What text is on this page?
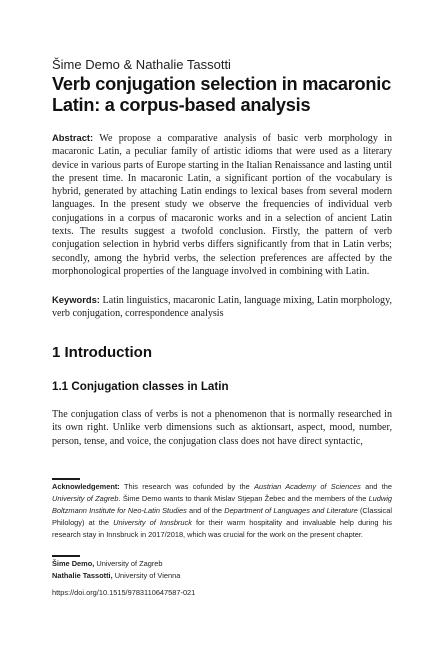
Šime Demo & Nathalie Tassotti
Verb conjugation selection in macaronic Latin: a corpus-based analysis

Abstract: We propose a comparative analysis of basic verb morphology in macaronic Latin, a peculiar family of artistic idioms that were used as a literary device in various parts of Europe starting in the Italian Renaissance and lasting until the present time. In macaronic Latin, a significant portion of the vocabulary is hybrid, generated by attaching Latin endings to lexical bases from several modern languages. In the present study we observe the frequencies of individual verb conjugations in a corpus of macaronic works and in a selection of ancient Latin texts. The results suggest a twofold conclusion. Firstly, the pattern of verb conjugation selection in hybrid verbs differs significantly from that in Latin verbs; secondly, among the hybrid verbs, the selection preferences are affected by the morphonological properties of the language involved in combining with Latin.

Keywords: Latin linguistics, macaronic Latin, language mixing, Latin morphology, verb conjugation, correspondence analysis

1 Introduction
1.1 Conjugation classes in Latin

The conjugation class of verbs is not a phenomenon that is normally researched in its own right. Unlike verb dimensions such as aktionsart, aspect, mood, number, person, tense, and voice, the conjugation class does not have direct syntactic,

Acknowledgement: This research was cofunded by the Austrian Academy of Sciences and the University of Zagreb. Šime Demo wants to thank Mislav Stjepan Žebec and the members of the Ludwig Boltzmann Institute for Neo-Latin Studies and of the Department of Languages and Literature (Classical Philology) at the University of Innsbruck for their warm hospitality and invaluable help during his research stay in Innsbruck in 2017/2018, which was crucial for the work on the present chapter.

Šime Demo, University of Zagreb
Nathalie Tassotti, University of Vienna
https://doi.org/10.1515/9783110647587-021
